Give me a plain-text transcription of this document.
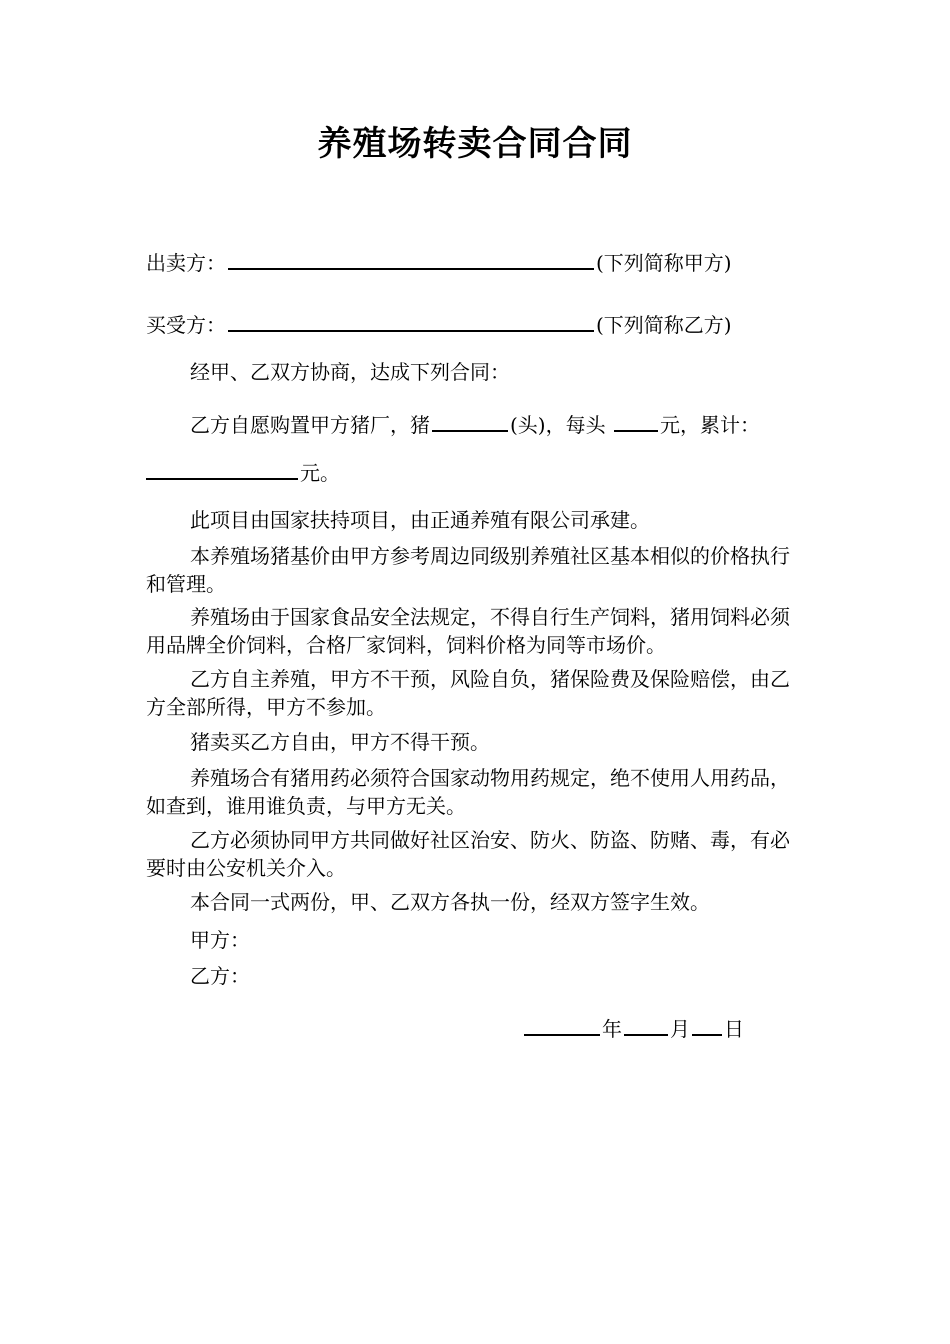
养殖场转卖合同合同
出卖方：	(下列简称甲方)
买受方：	(下列简称乙方)
经甲、乙双方协商，达成下列合同：
乙方自愿购置甲方猪厂，猪	(头)，每头	元，累计：
元。
此项目由国家扶持项目，由正通养殖有限公司承建。
本养殖场猪基价由甲方参考周边同级别养殖社区基本相似的价格执行和管理。
养殖场由于国家食品安全法规定，不得自行生产饲料，猪用饲料必须用品牌全价饲料，合格厂家饲料，饲料价格为同等市场价。
乙方自主养殖，甲方不干预，风险自负，猪保险费及保险赔偿，由乙方全部所得，甲方不参加。
猪卖买乙方自由，甲方不得干预。
养殖场合有猪用药必须符合国家动物用药规定，绝不使用人用药品，如查到，谁用谁负责，与甲方无关。
乙方必须协同甲方共同做好社区治安、防火、防盗、防赌、毒，有必要时由公安机关介入。
本合同一式两份，甲、乙双方各执一份，经双方签字生效。
甲方：
乙方：
年 月 日
